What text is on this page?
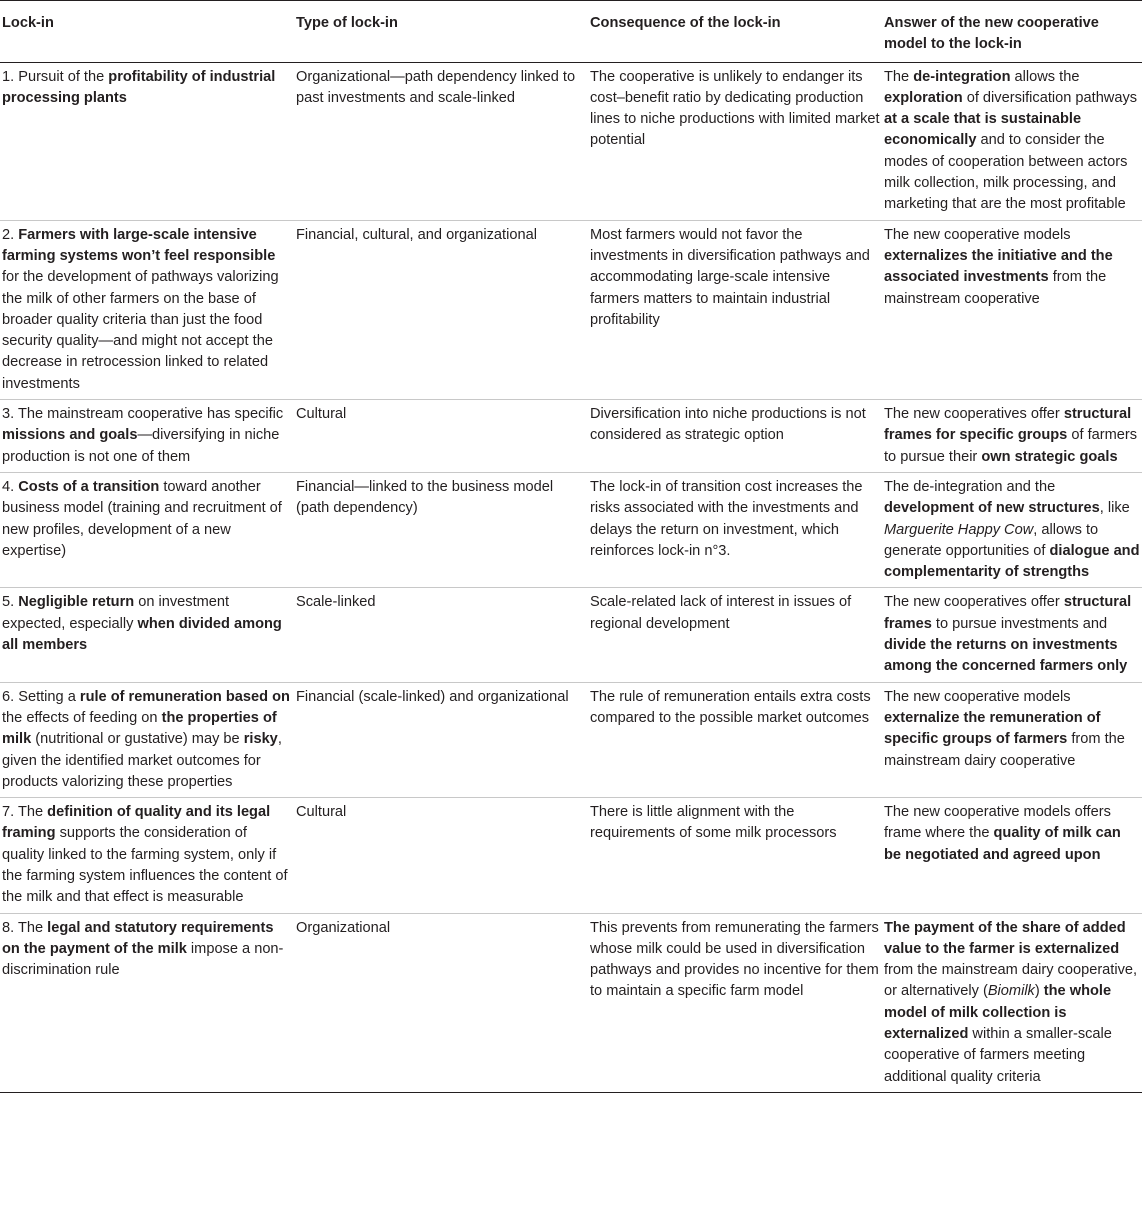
Lock-in	Type of lock-in	Consequence of the lock-in	Answer of the new cooperative model to the lock-in
1. Pursuit of the profitability of industrial processing plants	Organizational—path dependency linked to past investments and scale-linked	The cooperative is unlikely to endanger its cost–benefit ratio by dedicating production lines to niche productions with limited market potential	The de-integration allows the exploration of diversification pathways at a scale that is sustainable economically and to consider the modes of cooperation between actors milk collection, milk processing, and marketing that are the most profitable
2. Farmers with large-scale intensive farming systems won’t feel responsible for the development of pathways valorizing the milk of other farmers on the base of broader quality criteria than just the food security quality—and might not accept the decrease in retrocession linked to related investments	Financial, cultural, and organizational	Most farmers would not favor the investments in diversification pathways and accommodating large-scale intensive farmers matters to maintain industrial profitability	The new cooperative models externalizes the initiative and the associated investments from the mainstream cooperative
3. The mainstream cooperative has specific missions and goals—diversifying in niche production is not one of them	Cultural	Diversification into niche productions is not considered as strategic option	The new cooperatives offer structural frames for specific groups of farmers to pursue their own strategic goals
4. Costs of a transition toward another business model (training and recruitment of new profiles, development of a new expertise)	Financial—linked to the business model (path dependency)	The lock-in of transition cost increases the risks associated with the investments and delays the return on investment, which reinforces lock-in n°3.	The de-integration and the development of new structures, like Marguerite Happy Cow, allows to generate opportunities of dialogue and complementarity of strengths
5. Negligible return on investment expected, especially when divided among all members	Scale-linked	Scale-related lack of interest in issues of regional development	The new cooperatives offer structural frames to pursue investments and divide the returns on investments among the concerned farmers only
6. Setting a rule of remuneration based on the effects of feeding on the properties of milk (nutritional or gustative) may be risky, given the identified market outcomes for products valorizing these properties	Financial (scale-linked) and organizational	The rule of remuneration entails extra costs compared to the possible market outcomes	The new cooperative models externalize the remuneration of specific groups of farmers from the mainstream dairy cooperative
7. The definition of quality and its legal framing supports the consideration of quality linked to the farming system, only if the farming system influences the content of the milk and that effect is measurable	Cultural	There is little alignment with the requirements of some milk processors	The new cooperative models offers frame where the quality of milk can be negotiated and agreed upon
8. The legal and statutory requirements on the payment of the milk impose a non-discrimination rule	Organizational	This prevents from remunerating the farmers whose milk could be used in diversification pathways and provides no incentive for them to maintain a specific farm model	The payment of the share of added value to the farmer is externalized from the mainstream dairy cooperative, or alternatively (Biomilk) the whole model of milk collection is externalized within a smaller-scale cooperative of farmers meeting additional quality criteria
